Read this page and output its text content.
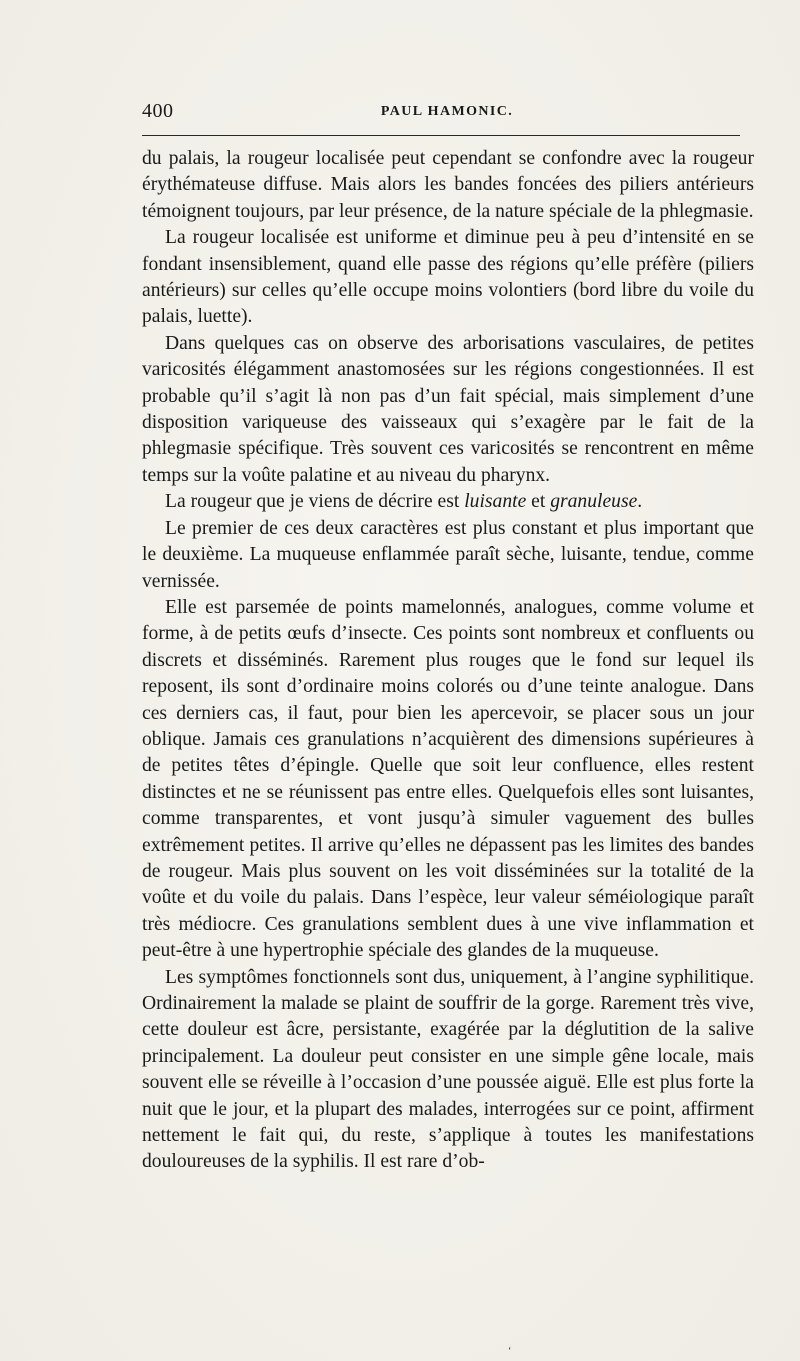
400	PAUL HAMONIC.

du palais, la rougeur localisée peut cependant se confondre avec la rougeur érythémateuse diffuse. Mais alors les bandes foncées des piliers antérieurs témoignent toujours, par leur présence, de la nature spéciale de la phlegmasie.

La rougeur localisée est uniforme et diminue peu à peu d’intensité en se fondant insensiblement, quand elle passe des régions qu’elle préfère (piliers antérieurs) sur celles qu’elle occupe moins volontiers (bord libre du voile du palais, luette).

Dans quelques cas on observe des arborisations vasculaires, de petites varicosités élégamment anastomosées sur les régions congestionnées. Il est probable qu’il s’agit là non pas d’un fait spécial, mais simplement d’une disposition variqueuse des vaisseaux qui s’exagère par le fait de la phlegmasie spécifique. Très souvent ces varicosités se rencontrent en même temps sur la voûte palatine et au niveau du pharynx.

La rougeur que je viens de décrire est luisante et granuleuse.

Le premier de ces deux caractères est plus constant et plus important que le deuxième. La muqueuse enflammée paraît sèche, luisante, tendue, comme vernissée.

Elle est parsemée de points mamelonnés, analogues, comme volume et forme, à de petits œufs d’insecte. Ces points sont nombreux et confluents ou discrets et disséminés. Rarement plus rouges que le fond sur lequel ils reposent, ils sont d’ordinaire moins colorés ou d’une teinte analogue. Dans ces derniers cas, il faut, pour bien les apercevoir, se placer sous un jour oblique. Jamais ces granulations n’acquièrent des dimensions supérieures à de petites têtes d’épingle. Quelle que soit leur confluence, elles restent distinctes et ne se réunissent pas entre elles. Quelquefois elles sont luisantes, comme transparentes, et vont jusqu’à simuler vaguement des bulles extrêmement petites. Il arrive qu’elles ne dépassent pas les limites des bandes de rougeur. Mais plus souvent on les voit disséminées sur la totalité de la voûte et du voile du palais. Dans l’espèce, leur valeur séméiologique paraît très médiocre. Ces granulations semblent dues à une vive inflammation et peut-être à une hypertrophie spéciale des glandes de la muqueuse.

Les symptômes fonctionnels sont dus, uniquement, à l’angine syphilitique. Ordinairement la malade se plaint de souffrir de la gorge. Rarement très vive, cette douleur est âcre, persistante, exagérée par la déglutition de la salive principalement. La douleur peut consister en une simple gêne locale, mais souvent elle se réveille à l’occasion d’une poussée aiguë. Elle est plus forte la nuit que le jour, et la plupart des malades, interrogées sur ce point, affirment nettement le fait qui, du reste, s’applique à toutes les manifestations douloureuses de la syphilis. Il est rare d’ob-

‘
